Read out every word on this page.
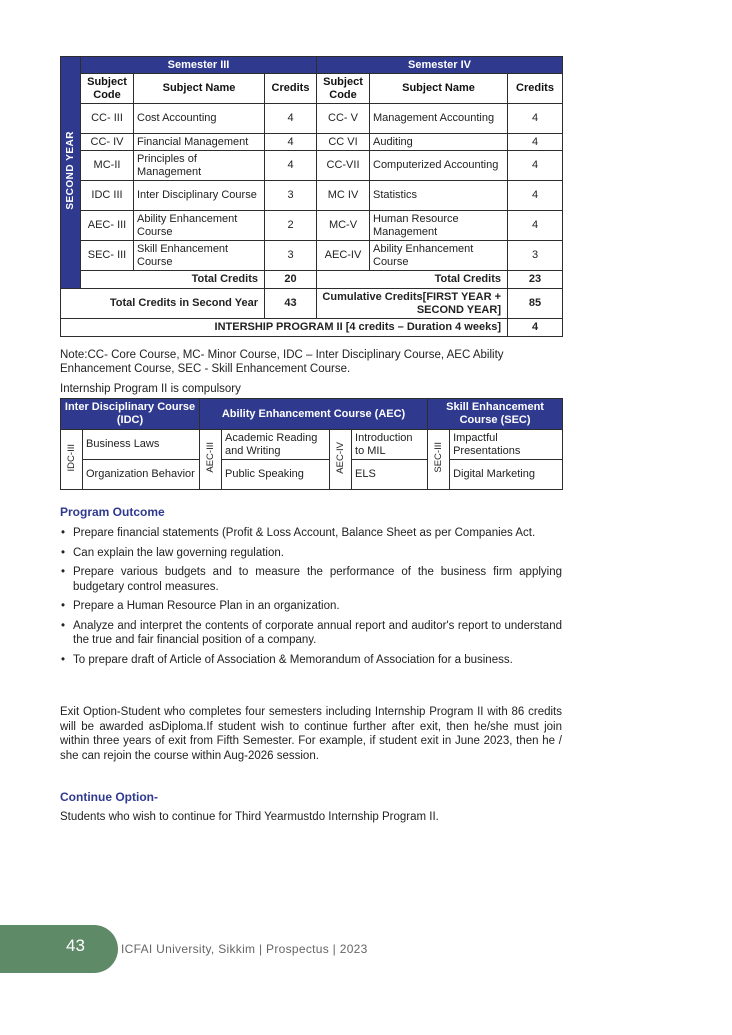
SECOND YEAR	Semester III			Semester IV		
	Subject Code	Subject Name	Credits	Subject Code	Subject Name	Credits
	CC- III	Cost Accounting	4	CC- V	Management Accounting	4
	CC- IV	Financial Management	4	CC VI	Auditing	4
	MC-II	Principles of Management	4	CC-VII	Computerized Accounting	4
	IDC III	Inter Disciplinary Course	3	MC IV	Statistics	4
	AEC- III	Ability Enhancement Course	2	MC-V	Human Resource Management	4
	SEC- III	Skill Enhancement Course	3	AEC-IV	Ability Enhancement Course	3
	Total Credits		20	Total Credits		23
Total Credits in Second Year			43	Cumulative Credits[FIRST YEAR + SECOND YEAR]		85
INTERSHIP PROGRAM II [4 credits – Duration 4 weeks]						4
Note:CC- Core Course, MC- Minor Course, IDC – Inter Disciplinary Course, AEC Ability Enhancement Course, SEC - Skill Enhancement Course.
Internship Program II is compulsory
Inter Disciplinary Course (IDC)		Ability Enhancement Course (AEC)				Skill Enhancement Course (SEC)	
IDC-III	Business Laws	AEC-III	Academic Reading and Writing	AEC-IV	Introduction to MIL	SEC-III	Impactful Presentations
	Organization Behavior		Public Speaking		ELS		Digital Marketing
Program Outcome
• Prepare financial statements (Profit & Loss Account, Balance Sheet as per Companies Act.
• Can explain the law governing regulation.
• Prepare various budgets and to measure the performance of the business firm applying budgetary control measures.
• Prepare a Human Resource Plan in an organization.
• Analyze and interpret the contents of corporate annual report and auditor's report to understand the true and fair financial position of a company.
• To prepare draft of Article of Association & Memorandum of Association for a business.
Exit Option-Student who completes four semesters including Internship Program II with 86 credits will be awarded asDiploma.If student wish to continue further after exit, then he/she must join within three years of exit from Fifth Semester. For example, if student exit in June 2023, then he / she can rejoin the course within Aug-2026 session.
Continue Option-
Students who wish to continue for Third Yearmustdo Internship Program II.
43	ICFAI University, Sikkim | Prospectus | 2023
